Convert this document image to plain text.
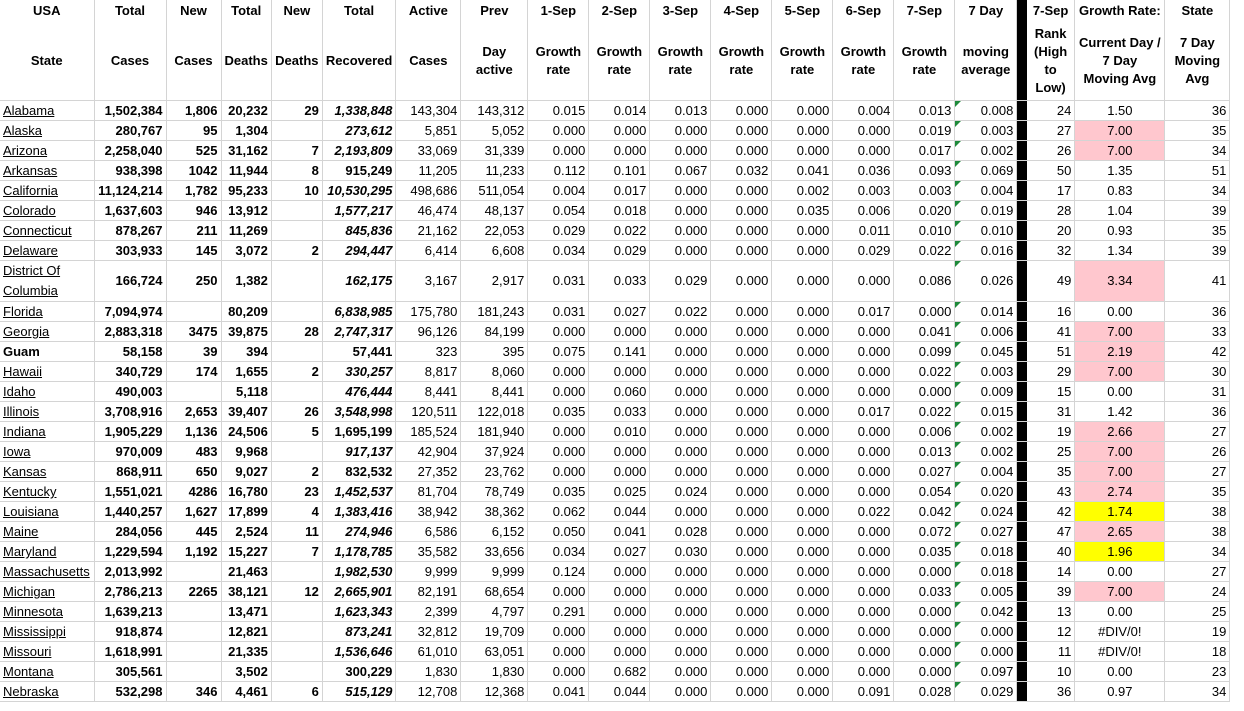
USA	Total	New	Total	New	Total	Active	Prev	1-Sep	2-Sep	3-Sep	4-Sep	5-Sep	6-Sep	7-Sep	7 Day		7-Sep	Growth Rate:	State
State	Cases	Cases	Deaths	Deaths	Recovered	Cases	Day active	Growth rate	Growth rate	Growth rate	Growth rate	Growth rate	Growth rate	Growth rate	moving average		Rank (High to Low)	Current Day / 7 Day Moving Avg	7 Day Moving Avg
Alabama	1,502,384	1,806	20,232	29	1,338,848	143,304	143,312	0.015	0.014	0.013	0.000	0.000	0.004	0.013	0.008		24	1.50	36
Alaska	280,767	95	1,304		273,612	5,851	5,052	0.000	0.000	0.000	0.000	0.000	0.000	0.019	0.003		27	7.00	35
Arizona	2,258,040	525	31,162	7	2,193,809	33,069	31,339	0.000	0.000	0.000	0.000	0.000	0.000	0.017	0.002		26	7.00	34
Arkansas	938,398	1042	11,944	8	915,249	11,205	11,233	0.112	0.101	0.067	0.032	0.041	0.036	0.093	0.069		50	1.35	51
California	11,124,214	1,782	95,233	10	10,530,295	498,686	511,054	0.004	0.017	0.000	0.000	0.002	0.003	0.003	0.004		17	0.83	34
Colorado	1,637,603	946	13,912		1,577,217	46,474	48,137	0.054	0.018	0.000	0.000	0.035	0.006	0.020	0.019		28	1.04	39
Connecticut	878,267	211	11,269		845,836	21,162	22,053	0.029	0.022	0.000	0.000	0.000	0.011	0.010	0.010		20	0.93	35
Delaware	303,933	145	3,072	2	294,447	6,414	6,608	0.034	0.029	0.000	0.000	0.000	0.029	0.022	0.016		32	1.34	39
District Of Columbia	166,724	250	1,382		162,175	3,167	2,917	0.031	0.033	0.029	0.000	0.000	0.000	0.086	0.026		49	3.34	41
Florida	7,094,974		80,209		6,838,985	175,780	181,243	0.031	0.027	0.022	0.000	0.000	0.017	0.000	0.014		16	0.00	36
Georgia	2,883,318	3475	39,875	28	2,747,317	96,126	84,199	0.000	0.000	0.000	0.000	0.000	0.000	0.041	0.006		41	7.00	33
Guam	58,158	39	394		57,441	323	395	0.075	0.141	0.000	0.000	0.000	0.000	0.099	0.045		51	2.19	42
Hawaii	340,729	174	1,655	2	330,257	8,817	8,060	0.000	0.000	0.000	0.000	0.000	0.000	0.022	0.003		29	7.00	30
Idaho	490,003		5,118		476,444	8,441	8,441	0.000	0.060	0.000	0.000	0.000	0.000	0.000	0.009		15	0.00	31
Illinois	3,708,916	2,653	39,407	26	3,548,998	120,511	122,018	0.035	0.033	0.000	0.000	0.000	0.017	0.022	0.015		31	1.42	36
Indiana	1,905,229	1,136	24,506	5	1,695,199	185,524	181,940	0.000	0.010	0.000	0.000	0.000	0.000	0.006	0.002		19	2.66	27
Iowa	970,009	483	9,968		917,137	42,904	37,924	0.000	0.000	0.000	0.000	0.000	0.000	0.013	0.002		25	7.00	26
Kansas	868,911	650	9,027	2	832,532	27,352	23,762	0.000	0.000	0.000	0.000	0.000	0.000	0.027	0.004		35	7.00	27
Kentucky	1,551,021	4286	16,780	23	1,452,537	81,704	78,749	0.035	0.025	0.024	0.000	0.000	0.000	0.054	0.020		43	2.74	35
Louisiana	1,440,257	1,627	17,899	4	1,383,416	38,942	38,362	0.062	0.044	0.000	0.000	0.000	0.022	0.042	0.024		42	1.74	38
Maine	284,056	445	2,524	11	274,946	6,586	6,152	0.050	0.041	0.028	0.000	0.000	0.000	0.072	0.027		47	2.65	38
Maryland	1,229,594	1,192	15,227	7	1,178,785	35,582	33,656	0.034	0.027	0.030	0.000	0.000	0.000	0.035	0.018		40	1.96	34
Massachusetts	2,013,992		21,463		1,982,530	9,999	9,999	0.124	0.000	0.000	0.000	0.000	0.000	0.000	0.018		14	0.00	27
Michigan	2,786,213	2265	38,121	12	2,665,901	82,191	68,654	0.000	0.000	0.000	0.000	0.000	0.000	0.033	0.005		39	7.00	24
Minnesota	1,639,213		13,471		1,623,343	2,399	4,797	0.291	0.000	0.000	0.000	0.000	0.000	0.000	0.042		13	0.00	25
Mississippi	918,874		12,821		873,241	32,812	19,709	0.000	0.000	0.000	0.000	0.000	0.000	0.000	0.000		12	#DIV/0!	19
Missouri	1,618,991		21,335		1,536,646	61,010	63,051	0.000	0.000	0.000	0.000	0.000	0.000	0.000	0.000		11	#DIV/0!	18
Montana	305,561		3,502		300,229	1,830	1,830	0.000	0.682	0.000	0.000	0.000	0.000	0.000	0.097		10	0.00	23
Nebraska	532,298	346	4,461	6	515,129	12,708	12,368	0.041	0.044	0.000	0.000	0.000	0.091	0.028	0.029		36	0.97	34
